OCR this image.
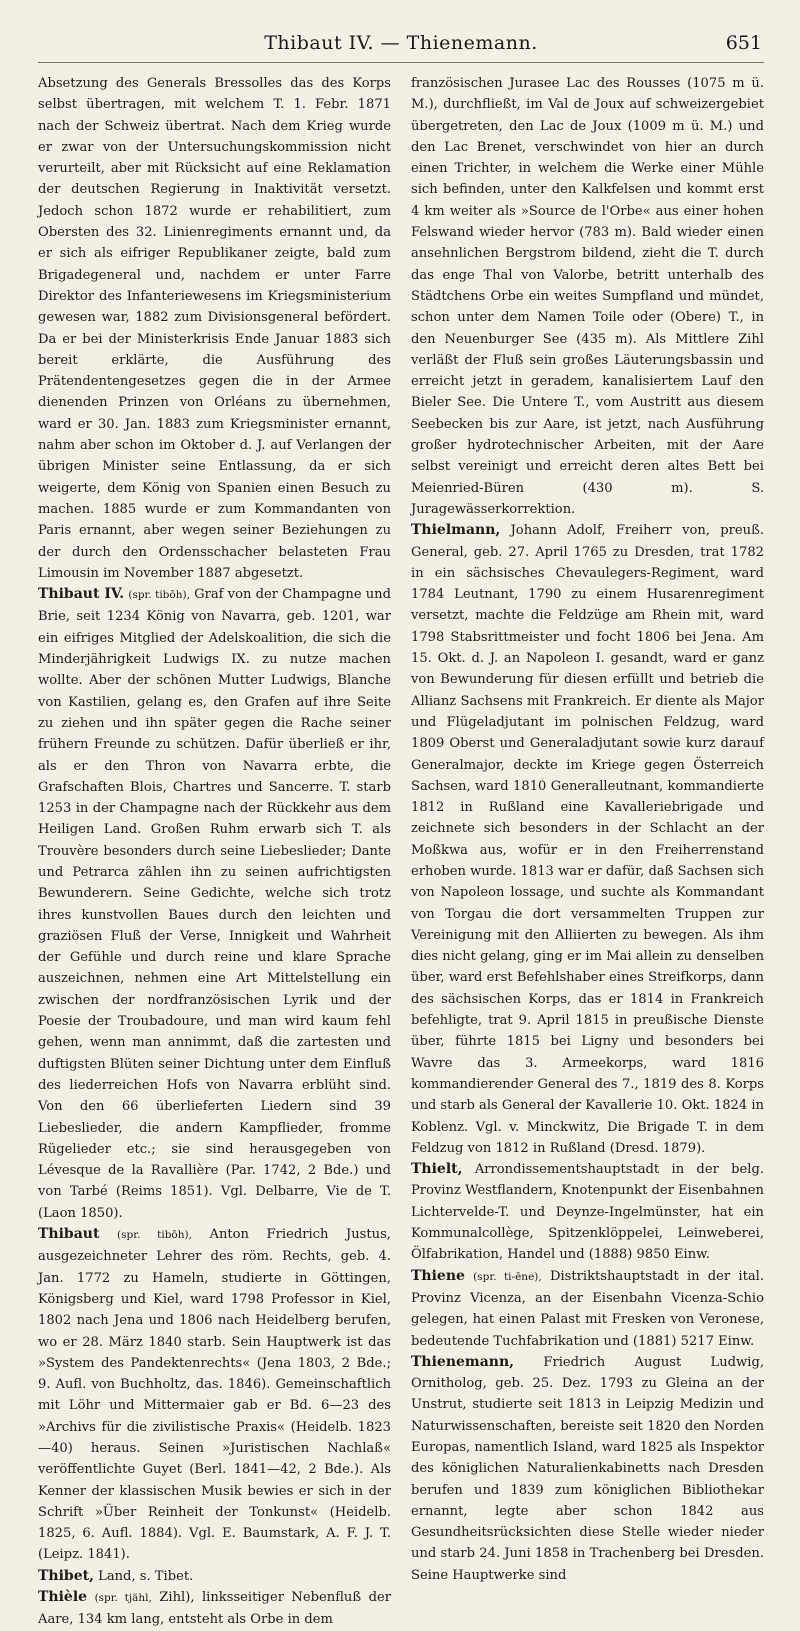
Thibaut IV. — Thienemann.	651

Absetzung des Generals Bressolles das des Korps selbst übertragen, mit welchem T. 1. Febr. 1871 nach der Schweiz übertrat. Nach dem Krieg wurde er zwar von der Untersuchungskommission nicht verurteilt, aber mit Rücksicht auf eine Reklamation der deutschen Regierung in Inaktivität versetzt. Jedoch schon 1872 wurde er rehabilitiert, zum Obersten des 32. Linienregiments ernannt und, da er sich als eifriger Republikaner zeigte, bald zum Brigadegeneral und, nachdem er unter Farre Direktor des Infanteriewesens im Kriegsministerium gewesen war, 1882 zum Divisionsgeneral befördert. Da er bei der Ministerkrisis Ende Januar 1883 sich bereit erklärte, die Ausführung des Prätendentengesetzes gegen die in der Armee dienenden Prinzen von Orléans zu übernehmen, ward er 30. Jan. 1883 zum Kriegsminister ernannt, nahm aber schon im Oktober d. J. auf Verlangen der übrigen Minister seine Entlassung, da er sich weigerte, dem König von Spanien einen Besuch zu machen. 1885 wurde er zum Kommandanten von Paris ernannt, aber wegen seiner Beziehungen zu der durch den Ordensschacher belasteten Frau Limousin im November 1887 abgesetzt.

Thibaut IV. (spr. tibōh), Graf von der Champagne und Brie, seit 1234 König von Navarra, geb. 1201, war ein eifriges Mitglied der Adelskoalition, die sich die Minderjährigkeit Ludwigs IX. zu nutze machen wollte. Aber der schönen Mutter Ludwigs, Blanche von Kastilien, gelang es, den Grafen auf ihre Seite zu ziehen und ihn später gegen die Rache seiner frühern Freunde zu schützen. Dafür überließ er ihr, als er den Thron von Navarra erbte, die Grafschaften Blois, Chartres und Sancerre. T. starb 1253 in der Champagne nach der Rückkehr aus dem Heiligen Land. Großen Ruhm erwarb sich T. als Trouvère besonders durch seine Liebeslieder; Dante und Petrarca zählen ihn zu seinen aufrichtigsten Bewunderern. Seine Gedichte, welche sich trotz ihres kunstvollen Baues durch den leichten und graziösen Fluß der Verse, Innigkeit und Wahrheit der Gefühle und durch reine und klare Sprache auszeichnen, nehmen eine Art Mittelstellung ein zwischen der nordfranzösischen Lyrik und der Poesie der Troubadoure, und man wird kaum fehl gehen, wenn man annimmt, daß die zartesten und duftigsten Blüten seiner Dichtung unter dem Einfluß des liederreichen Hofs von Navarra erblüht sind. Von den 66 überlieferten Liedern sind 39 Liebeslieder, die andern Kampflieder, fromme Rügelieder etc.; sie sind herausgegeben von Lévesque de la Ravallière (Par. 1742, 2 Bde.) und von Tarbé (Reims 1851). Vgl. Delbarre, Vie de T. (Laon 1850).

Thibaut (spr. tibōh), Anton Friedrich Justus, ausgezeichneter Lehrer des röm. Rechts, geb. 4. Jan. 1772 zu Hameln, studierte in Göttingen, Königsberg und Kiel, ward 1798 Professor in Kiel, 1802 nach Jena und 1806 nach Heidelberg berufen, wo er 28. März 1840 starb. Sein Hauptwerk ist das »System des Pandektenrechts« (Jena 1803, 2 Bde.; 9. Aufl. von Buchholtz, das. 1846). Gemeinschaftlich mit Löhr und Mittermaier gab er Bd. 6—23 des »Archivs für die zivilistische Praxis« (Heidelb. 1823—40) heraus. Seinen »Juristischen Nachlaß« veröffentlichte Guyet (Berl. 1841—42, 2 Bde.). Als Kenner der klassischen Musik bewies er sich in der Schrift »Über Reinheit der Tonkunst« (Heidelb. 1825, 6. Aufl. 1884). Vgl. E. Baumstark, A. F. J. T. (Leipz. 1841).

Thibet, Land, s. Tibet.

Thièle (spr. tjähl, Zihl), linksseitiger Nebenfluß der Aare, 134 km lang, entsteht als Orbe in dem

französischen Jurasee Lac des Rousses (1075 m ü. M.), durchfließt, im Val de Joux auf schweizergebiet übergetreten, den Lac de Joux (1009 m ü. M.) und den Lac Brenet, verschwindet von hier an durch einen Trichter, in welchem die Werke einer Mühle sich befinden, unter den Kalkfelsen und kommt erst 4 km weiter als »Source de l'Orbe« aus einer hohen Felswand wieder hervor (783 m). Bald wieder einen ansehnlichen Bergstrom bildend, zieht die T. durch das enge Thal von Valorbe, betritt unterhalb des Städtchens Orbe ein weites Sumpfland und mündet, schon unter dem Namen Toile oder (Obere) T., in den Neuenburger See (435 m). Als Mittlere Zihl verläßt der Fluß sein großes Läuterungsbassin und erreicht jetzt in geradem, kanalisiertem Lauf den Bieler See. Die Untere T., vom Austritt aus diesem Seebecken bis zur Aare, ist jetzt, nach Ausführung großer hydrotechnischer Arbeiten, mit der Aare selbst vereinigt und erreicht deren altes Bett bei Meienried-Büren (430 m). S. Juragewässerkorrektion.

Thielmann, Johann Adolf, Freiherr von, preuß. General, geb. 27. April 1765 zu Dresden, trat 1782 in ein sächsisches Chevaulegers-Regiment, ward 1784 Leutnant, 1790 zu einem Husarenregiment versetzt, machte die Feldzüge am Rhein mit, ward 1798 Stabsrittmeister und focht 1806 bei Jena. Am 15. Okt. d. J. an Napoleon I. gesandt, ward er ganz von Bewunderung für diesen erfüllt und betrieb die Allianz Sachsens mit Frankreich. Er diente als Major und Flügeladjutant im polnischen Feldzug, ward 1809 Oberst und Generaladjutant sowie kurz darauf Generalmajor, deckte im Kriege gegen Österreich Sachsen, ward 1810 Generalleutnant, kommandierte 1812 in Rußland eine Kavalleriebrigade und zeichnete sich besonders in der Schlacht an der Moßkwa aus, wofür er in den Freiherrenstand erhoben wurde. 1813 war er dafür, daß Sachsen sich von Napoleon lossage, und suchte als Kommandant von Torgau die dort versammelten Truppen zur Vereinigung mit den Alliierten zu bewegen. Als ihm dies nicht gelang, ging er im Mai allein zu denselben über, ward erst Befehlshaber eines Streifkorps, dann des sächsischen Korps, das er 1814 in Frankreich befehligte, trat 9. April 1815 in preußische Dienste über, führte 1815 bei Ligny und besonders bei Wavre das 3. Armeekorps, ward 1816 kommandierender General des 7., 1819 des 8. Korps und starb als General der Kavallerie 10. Okt. 1824 in Koblenz. Vgl. v. Minckwitz, Die Brigade T. in dem Feldzug von 1812 in Rußland (Dresd. 1879).

Thielt, Arrondissementshauptstadt in der belg. Provinz Westflandern, Knotenpunkt der Eisenbahnen Lichtervelde-T. und Deynze-Ingelmünster, hat ein Kommunalcollège, Spitzenklöppelei, Leinweberei, Ölfabrikation, Handel und (1888) 9850 Einw.

Thiene (spr. ti-ēne), Distriktshauptstadt in der ital. Provinz Vicenza, an der Eisenbahn Vicenza-Schio gelegen, hat einen Palast mit Fresken von Veronese, bedeutende Tuchfabrikation und (1881) 5217 Einw.

Thienemann, Friedrich August Ludwig, Ornitholog, geb. 25. Dez. 1793 zu Gleina an der Unstrut, studierte seit 1813 in Leipzig Medizin und Naturwissenschaften, bereiste seit 1820 den Norden Europas, namentlich Island, ward 1825 als Inspektor des königlichen Naturalienkabinetts nach Dresden berufen und 1839 zum königlichen Bibliothekar ernannt, legte aber schon 1842 aus Gesundheitsrücksichten diese Stelle wieder nieder und starb 24. Juni 1858 in Trachenberg bei Dresden. Seine Hauptwerke sind
